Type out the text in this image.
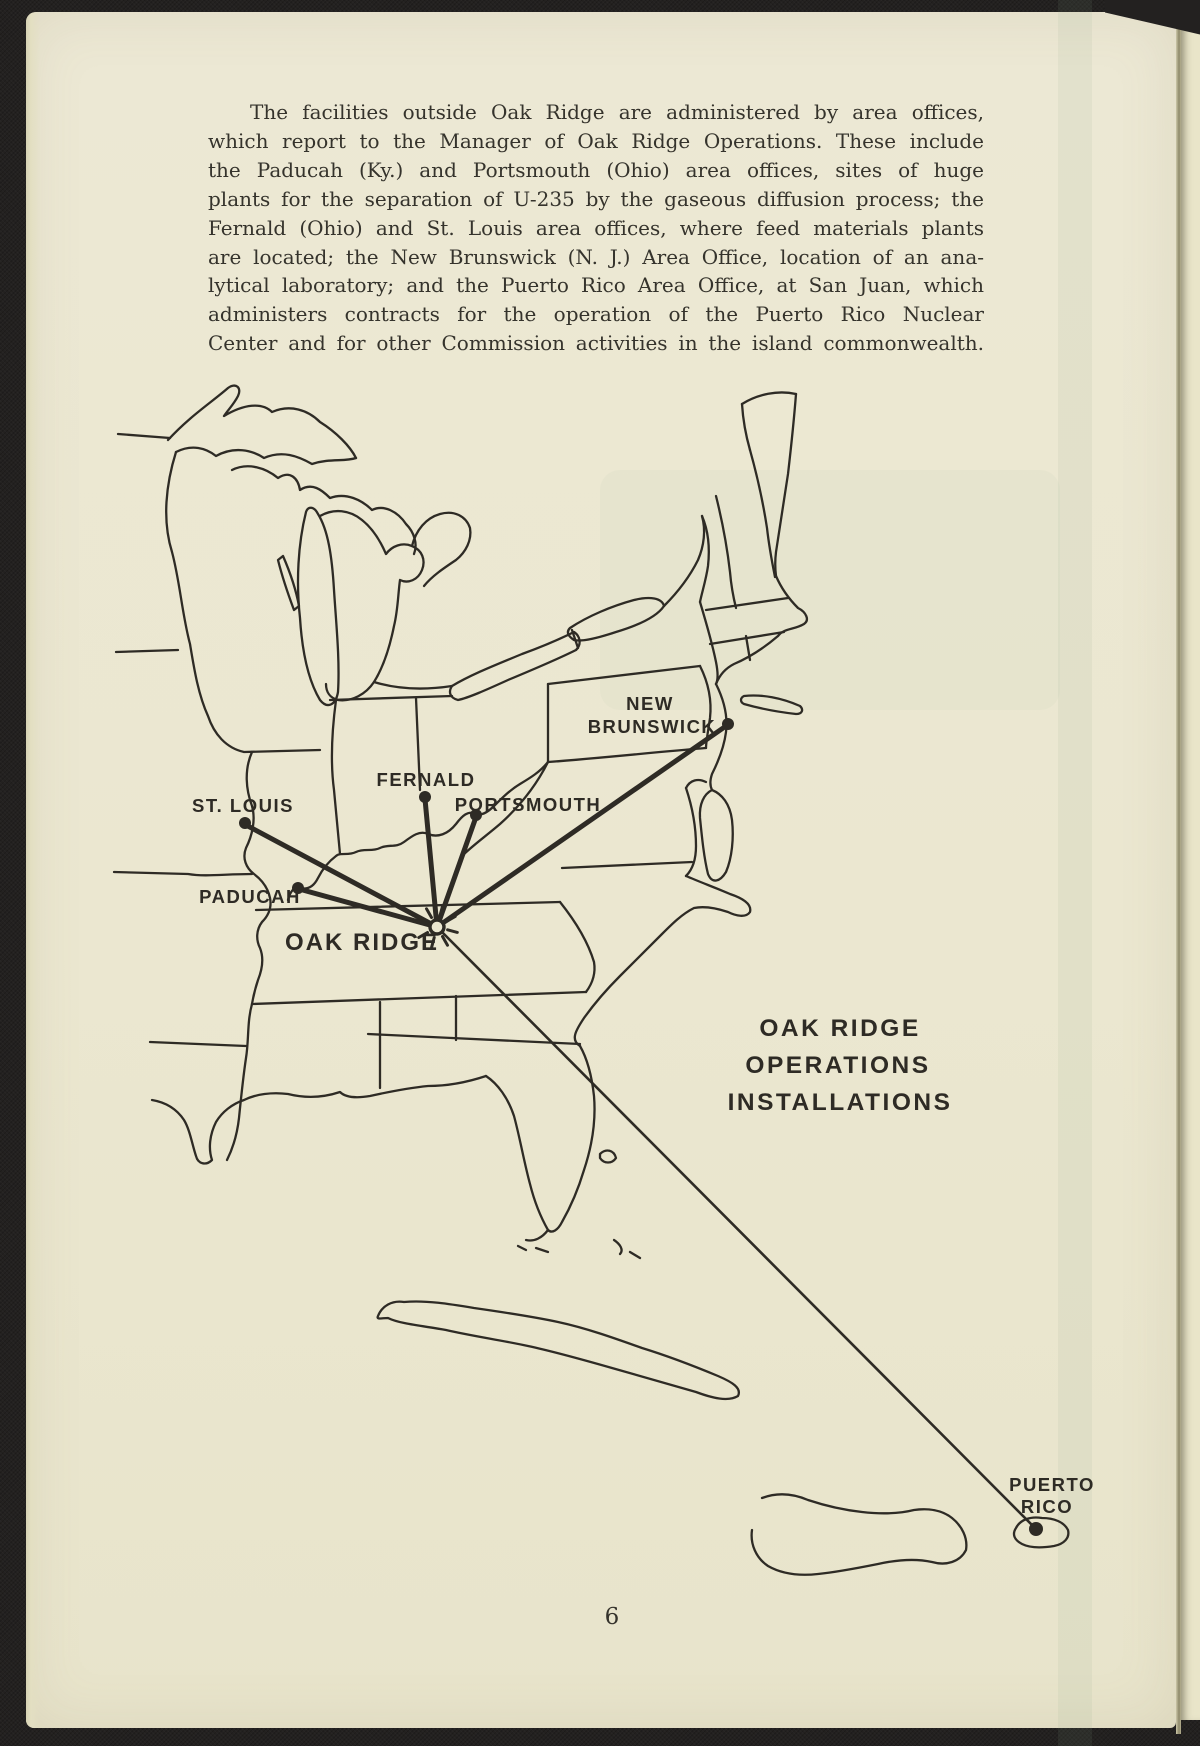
The facilities outside Oak Ridge are administered by area offices,
which report to the Manager of Oak Ridge Operations. These include
the Paducah (Ky.) and Portsmouth (Ohio) area offices, sites of huge
plants for the separation of U-235 by the gaseous diffusion process; the
Fernald (Ohio) and St. Louis area offices, where feed materials plants
are located; the New Brunswick (N. J.) Area Office, location of an ana-
lytical laboratory; and the Puerto Rico Area Office, at San Juan, which
administers contracts for the operation of the Puerto Rico Nuclear
Center and for other Commission activities in the island commonwealth.
ST. LOUIS
FERNALD
PORTSMOUTH
NEW
BRUNSWICK
PADUCAH
OAK RIDGE
PUERTO
RICO
OAK RIDGE
OPERATIONS
INSTALLATIONS
6
